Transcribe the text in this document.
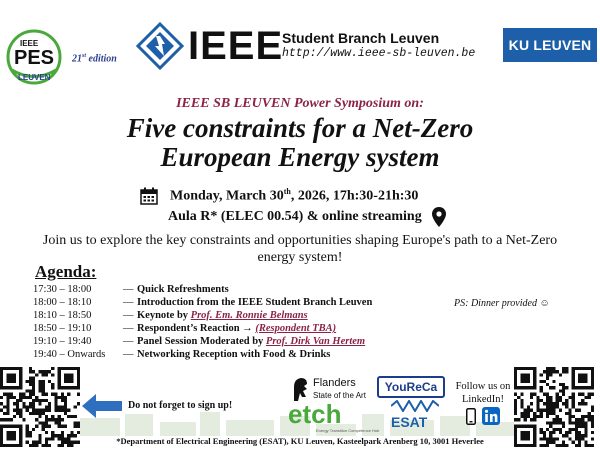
IEEE
PES
LEUVEN
21st edition IEEE
Student Branch Leuven
http://www.ieee-sb-leuven.be
KU LEUVEN
IEEE SB LEUVEN Power Symposium on:
Five constraints for a Net-Zero
European Energy system
Monday, March 30th, 2026, 17h:30-21h:30
Aula R* (ELEC 00.54) & online streaming
Join us to explore the key constraints and opportunities shaping Europe's path to a Net-Zero energy system!
Agenda:
17:30 – 18:00	— Quick Refreshments
18:00 – 18:10	— Introduction from the IEEE Student Branch Leuven
18:10 – 18:50	— Keynote by Prof. Em. Ronnie Belmans
18:50 – 19:10	— Respondent’s Reaction → (Respondent TBA)
19:10 – 19:40	— Panel Session Moderated by Prof. Dirk Van Hertem
19:40 – Onwards	— Networking Reception with Food & Drinks
PS: Dinner provided ☺
Do not forget to sign up!
Flanders
State of the Art
YouReCa
etch
Energy Transition Competence Hub
ESAT
Follow us on
LinkedIn!
*Department of Electrical Engineering (ESAT), KU Leuven, Kasteelpark Arenberg 10, 3001 Heverlee
